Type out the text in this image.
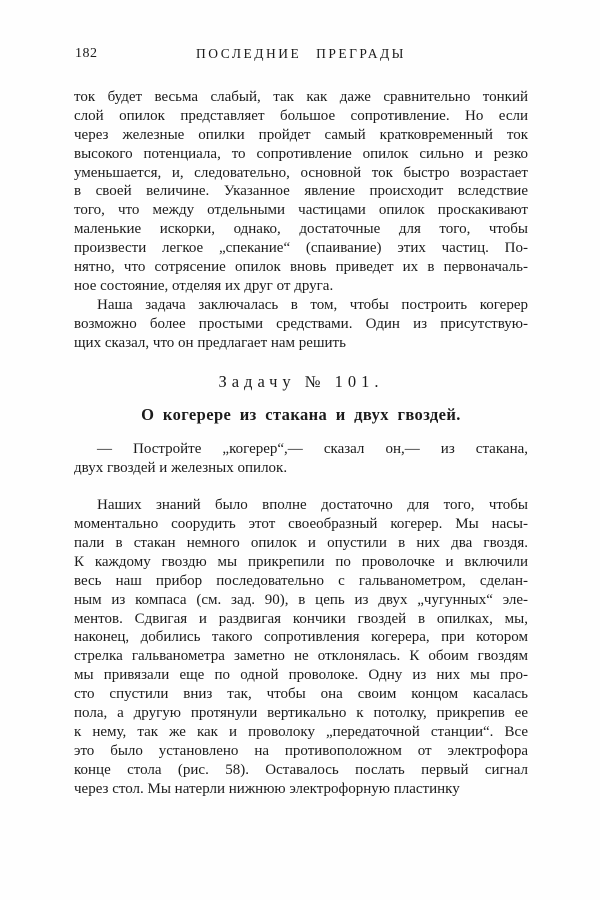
182	ПОСЛЕДНИЕ ПРЕГРАДЫ
ток будет весьма слабый, так как даже сравнительно тонкий
слой опилок представляет большое сопротивление. Но если
через железные опилки пройдет самый кратковременный ток
высокого потенциала, то сопротивление опилок сильно и резко
уменьшается, и, следовательно, основной ток быстро возрастает
в своей величине. Указанное явление происходит вследствие
того, что между отдельными частицами опилок проскакивают
маленькие искорки, однако, достаточные для того, чтобы
произвести легкое „спекание“ (спаивание) этих частиц. По-
нятно, что сотрясение опилок вновь приведет их в первоначаль-
ное состояние, отделяя их друг от друга.
Наша задача заключалась в том, чтобы построить когерер
возможно более простыми средствами. Один из присутствую-
щих сказал, что он предлагает нам решить
Задачу № 101.
О когерере из стакана и двух гвоздей.
— Постройте „когерер“,— сказал он,— из стакана,
двух гвоздей и железных опилок.
Наших знаний было вполне достаточно для того, чтобы
моментально соорудить этот своеобразный когерер. Мы насы-
пали в стакан немного опилок и опустили в них два гвоздя.
К каждому гвоздю мы прикрепили по проволочке и включили
весь наш прибор последовательно с гальванометром, сделан-
ным из компаса (см. зад. 90), в цепь из двух „чугунных“ эле-
ментов. Сдвигая и раздвигая кончики гвоздей в опилках, мы,
наконец, добились такого сопротивления когерера, при котором
стрелка гальванометра заметно не отклонялась. К обоим гвоздям
мы привязали еще по одной проволоке. Одну из них мы про-
сто спустили вниз так, чтобы она своим концом касалась
пола, а другую протянули вертикально к потолку, прикрепив ее
к нему, так же как и проволоку „передаточной станции“. Все
это было установлено на противоположном от электрофора
конце стола (рис. 58). Оставалось послать первый сигнал
через стол. Мы натерли нижнюю электрофорную пластинку
